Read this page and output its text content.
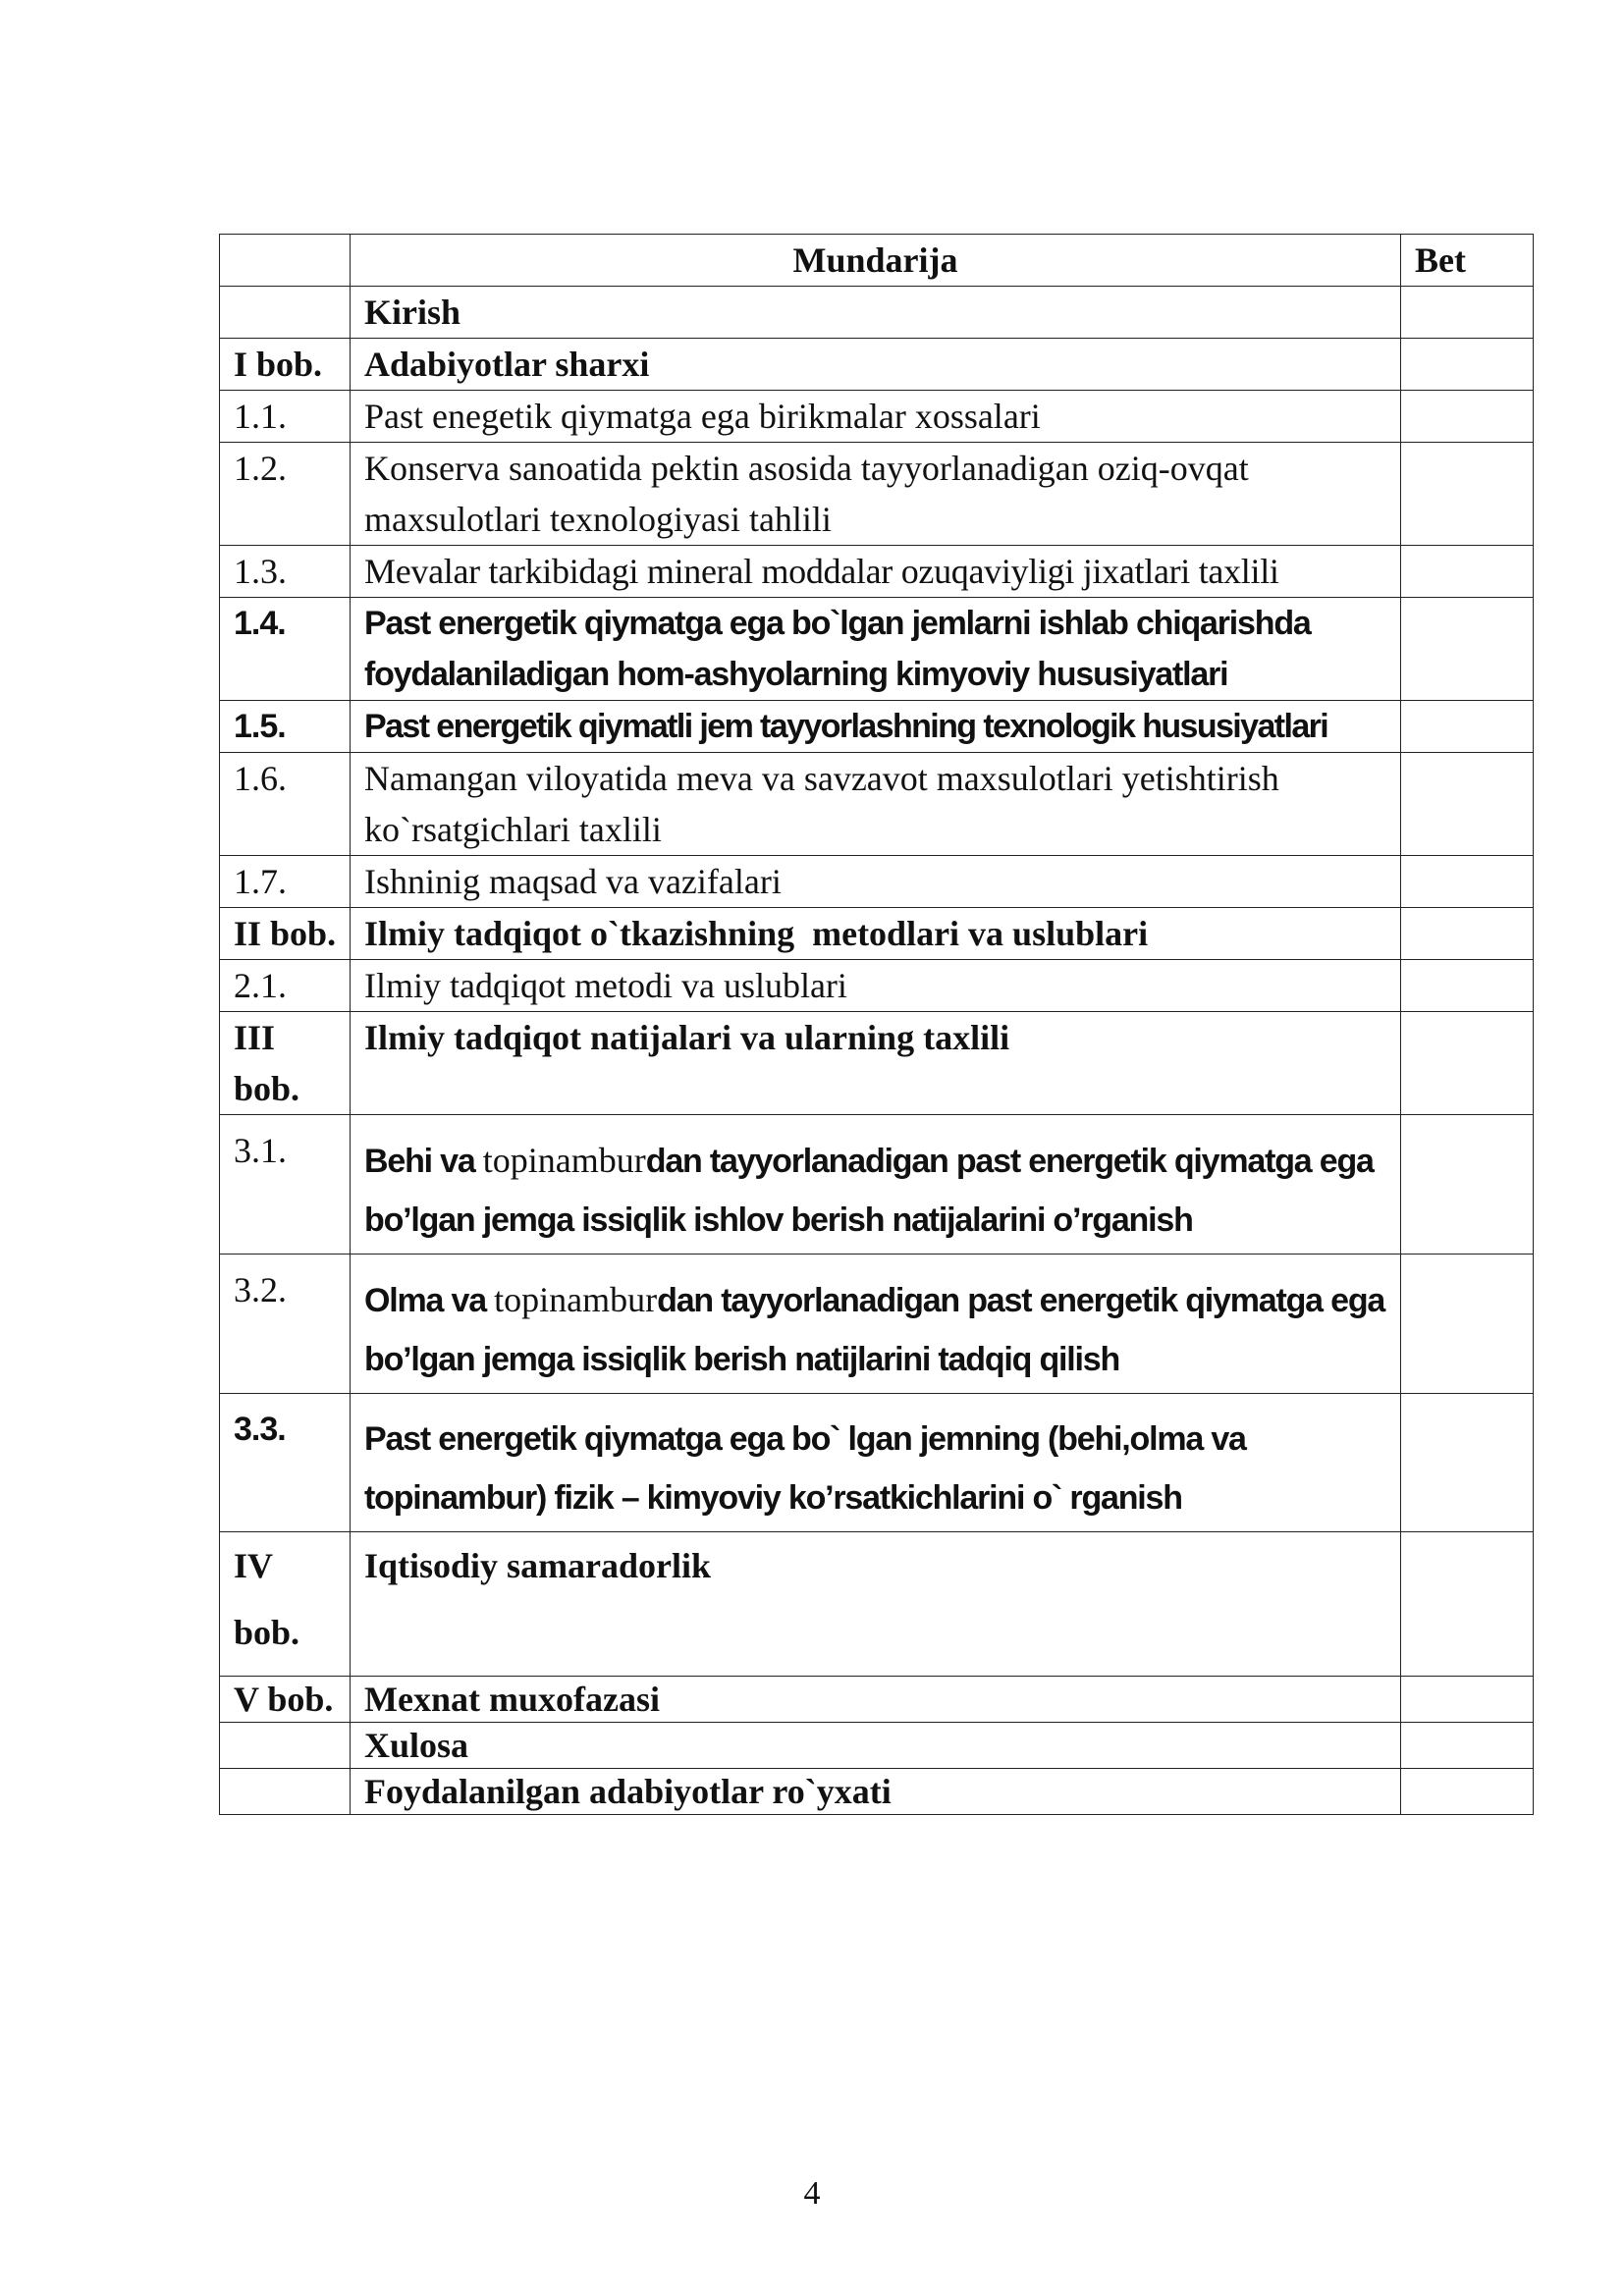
	Mundarija	Bet
	Kirish	
I bob.	Adabiyotlar sharxi	
1.1.	Past enegetik qiymatga ega birikmalar xossalari	
1.2.	Konserva sanoatida pektin asosida tayyorlanadigan oziq-ovqat maxsulotlari texnologiyasi tahlili	
1.3.	Mevalar tarkibidagi mineral moddalar ozuqaviyligi jixatlari taxlili	
1.4.	Past energetik qiymatga ega bo`lgan jemlarni ishlab chiqarishda foydalaniladigan hom-ashyolarning kimyoviy hususiyatlari	
1.5.	Past energetik qiymatli jem tayyorlashning texnologik hususiyatlari	
1.6.	Namangan viloyatida meva va savzavot maxsulotlari yetishtirish ko`rsatgichlari taxlili	
1.7.	Ishninig maqsad va vazifalari	
II bob.	Ilmiy tadqiqot o`tkazishning  metodlari va uslublari	
2.1.	Ilmiy tadqiqot metodi va uslublari	
III bob.	Ilmiy tadqiqot natijalari va ularning taxlili	
3.1.	Behi va topinamburdan tayyorlanadigan past energetik qiymatga ega bo’lgan jemga issiqlik ishlov berish natijalarini o’rganish	
3.2.	Olma va topinamburdan tayyorlanadigan past energetik qiymatga ega bo’lgan jemga issiqlik berish natijlarini tadqiq qilish	
3.3.	Past energetik qiymatga ega bo` lgan jemning (behi,olma va topinambur) fizik – kimyoviy ko’rsatkichlarini o` rganish	
IV bob.	Iqtisodiy samaradorlik	
V bob.	Mexnat muxofazasi	
	Xulosa	
	Foydalanilgan adabiyotlar ro`yxati	
4
